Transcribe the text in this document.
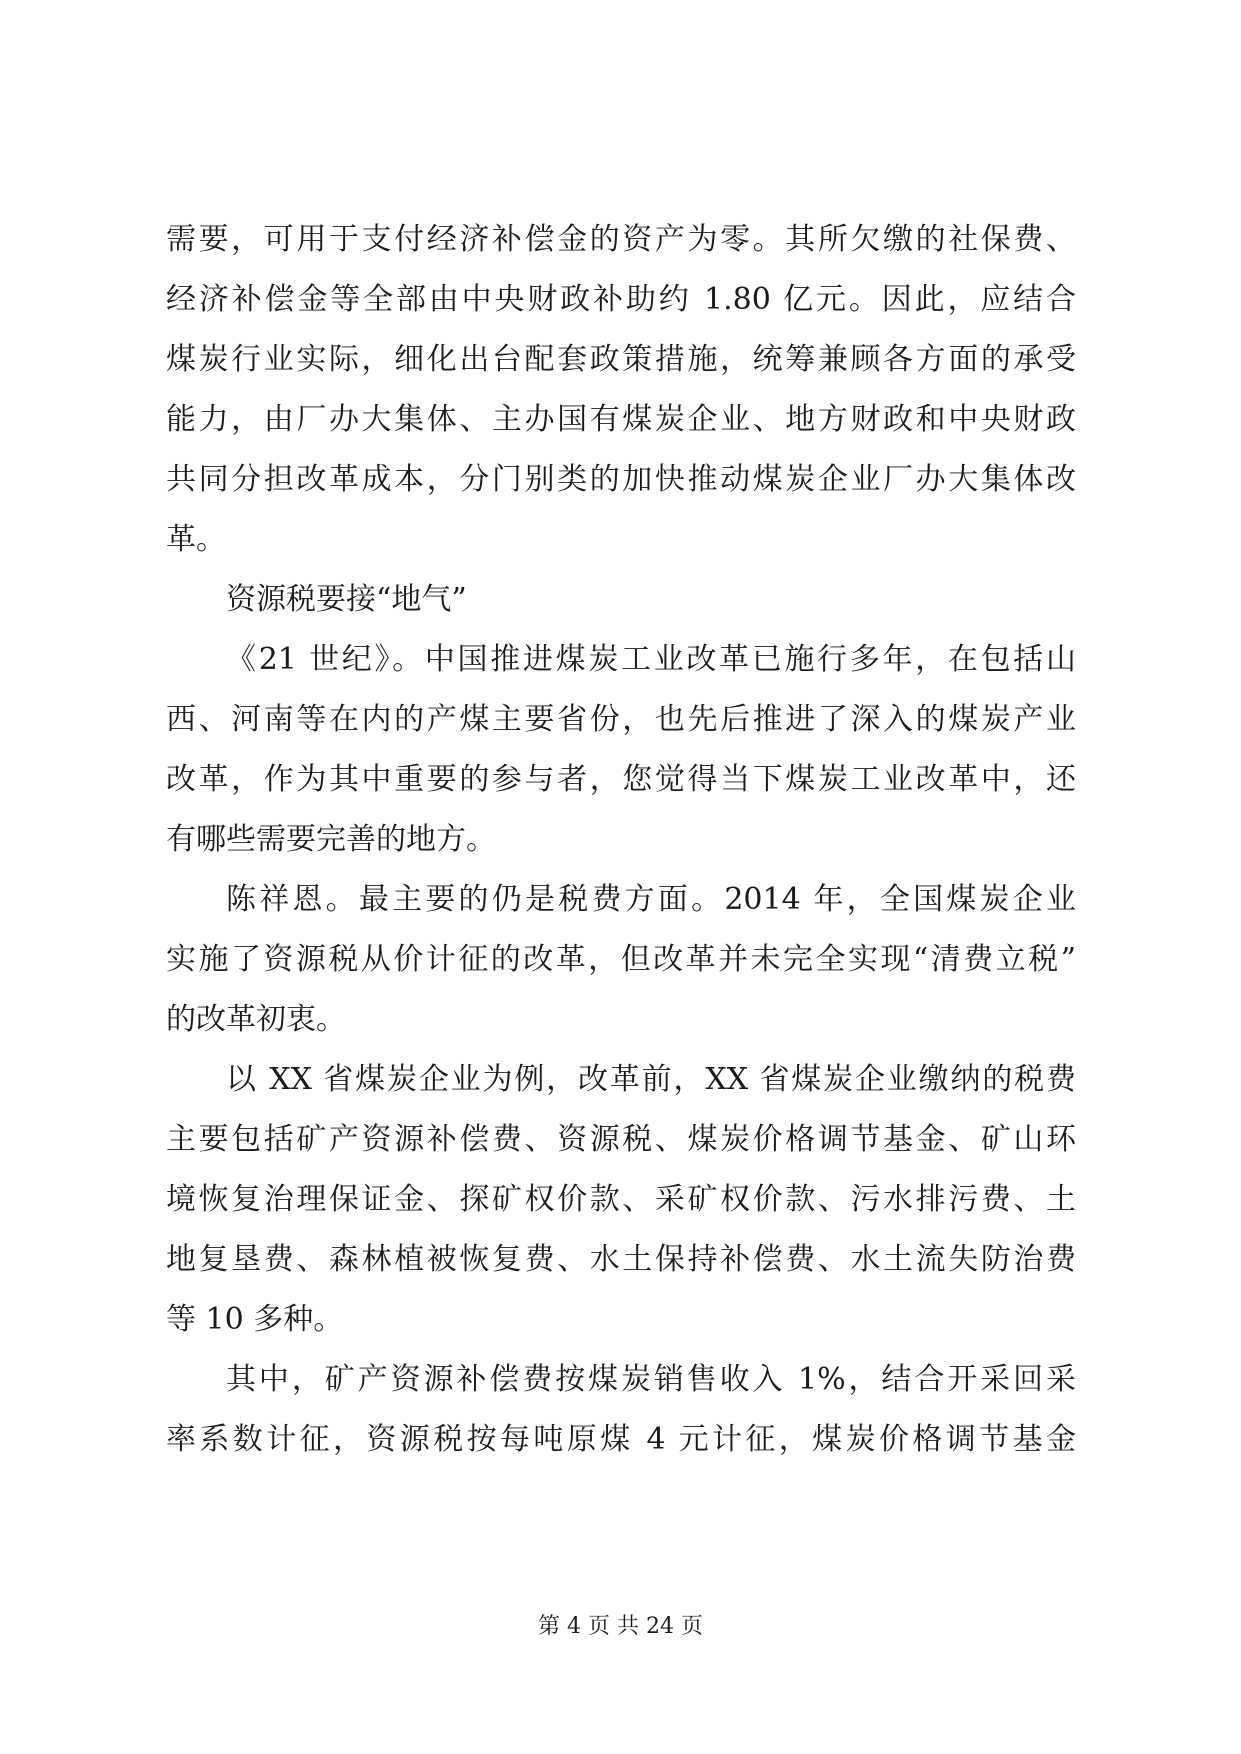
需要，可用于支付经济补偿金的资产为零。其所欠缴的社保费、
经济补偿金等全部由中央财政补助约 1.80 亿元。因此，应结合
煤炭行业实际，细化出台配套政策措施，统筹兼顾各方面的承受
能力，由厂办大集体、主办国有煤炭企业、地方财政和中央财政
共同分担改革成本，分门别类的加快推动煤炭企业厂办大集体改
革。
资源税要接“地气”
《21 世纪》。中国推进煤炭工业改革已施行多年，在包括山
西、河南等在内的产煤主要省份，也先后推进了深入的煤炭产业
改革，作为其中重要的参与者，您觉得当下煤炭工业改革中，还
有哪些需要完善的地方。
陈祥恩。最主要的仍是税费方面。2014 年，全国煤炭企业
实施了资源税从价计征的改革，但改革并未完全实现“清费立税”
的改革初衷。
以 XX 省煤炭企业为例，改革前，XX 省煤炭企业缴纳的税费
主要包括矿产资源补偿费、资源税、煤炭价格调节基金、矿山环
境恢复治理保证金、探矿权价款、采矿权价款、污水排污费、土
地复垦费、森林植被恢复费、水土保持补偿费、水土流失防治费
等 10 多种。
其中，矿产资源补偿费按煤炭销售收入 1%，结合开采回采
率系数计征，资源税按每吨原煤 4 元计征，煤炭价格调节基金
第 4 页 共 24 页
